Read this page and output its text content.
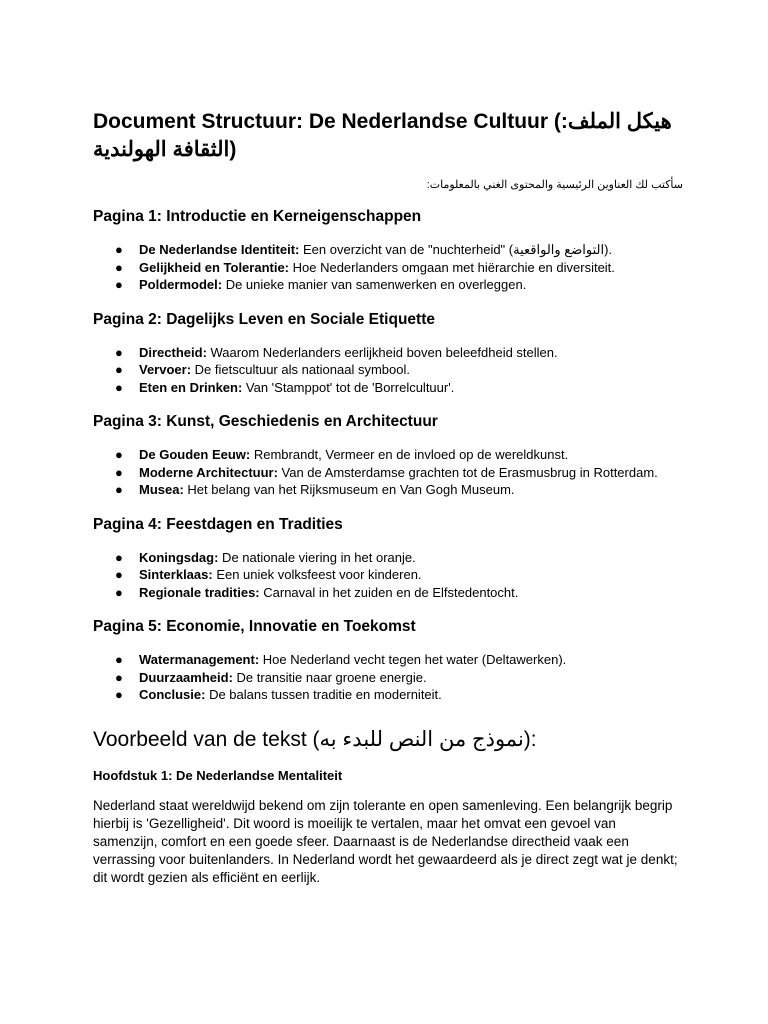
Document Structuur: De Nederlandse Cultuur (:هيكل الملف الثقافة الهولندية)

سأكتب لك العناوين الرئيسية والمحتوى الغني بالمعلومات:

Pagina 1: Introductie en Kerneigenschappen
● De Nederlandse Identiteit: Een overzicht van de "nuchterheid" (التواضع والواقعية).
● Gelijkheid en Tolerantie: Hoe Nederlanders omgaan met hiërarchie en diversiteit.
● Poldermodel: De unieke manier van samenwerken en overleggen.
Pagina 2: Dagelijks Leven en Sociale Etiquette
● Directheid: Waarom Nederlanders eerlijkheid boven beleefdheid stellen.
● Vervoer: De fietscultuur als nationaal symbool.
● Eten en Drinken: Van 'Stamppot' tot de 'Borrelcultuur'.
Pagina 3: Kunst, Geschiedenis en Architectuur
● De Gouden Eeuw: Rembrandt, Vermeer en de invloed op de wereldkunst.
● Moderne Architectuur: Van de Amsterdamse grachten tot de Erasmusbrug in Rotterdam.
● Musea: Het belang van het Rijksmuseum en Van Gogh Museum.
Pagina 4: Feestdagen en Tradities
● Koningsdag: De nationale viering in het oranje.
● Sinterklaas: Een uniek volksfeest voor kinderen.
● Regionale tradities: Carnaval in het zuiden en de Elfstedentocht.
Pagina 5: Economie, Innovatie en Toekomst
● Watermanagement: Hoe Nederland vecht tegen het water (Deltawerken).
● Duurzaamheid: De transitie naar groene energie.
● Conclusie: De balans tussen traditie en moderniteit.
Voorbeeld van de tekst (نموذج من النص للبدء به):
Hoofdstuk 1: De Nederlandse Mentaliteit

Nederland staat wereldwijd bekend om zijn tolerante en open samenleving. Een belangrijk begrip hierbij is 'Gezelligheid'. Dit woord is moeilijk te vertalen, maar het omvat een gevoel van samenzijn, comfort en een goede sfeer. Daarnaast is de Nederlandse directheid vaak een verrassing voor buitenlanders. In Nederland wordt het gewaardeerd als je direct zegt wat je denkt; dit wordt gezien als efficiënt en eerlijk.
